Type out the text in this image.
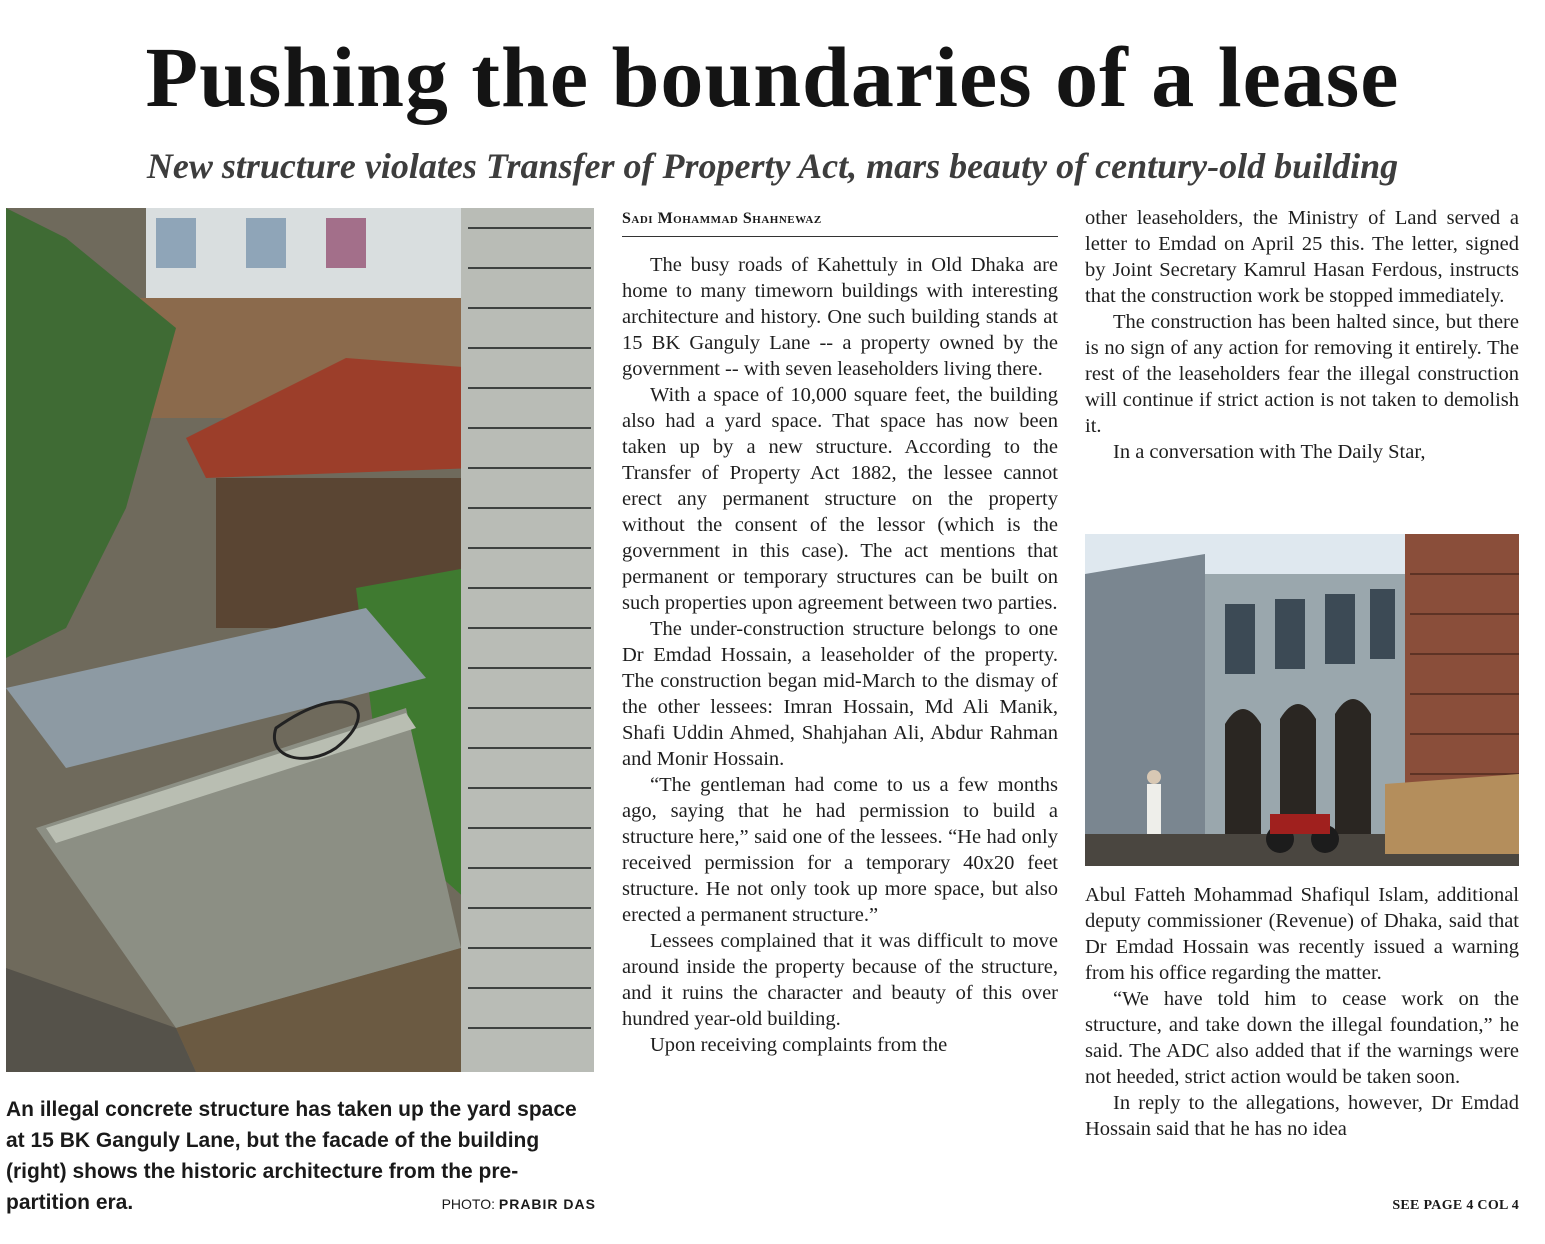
Pushing the boundaries of a lease
New structure violates Transfer of Property Act, mars beauty of century-old building
An illegal concrete structure has taken up the yard space at 15 BK Ganguly Lane, but the facade of the building (right) shows the historic architecture from the pre-partition era.	PHOTO: PRABIR DAS
Sadi Mohammad Shahnewaz

The busy roads of Kahettuly in Old Dhaka are home to many timeworn buildings with interesting architecture and history. One such building stands at 15 BK Ganguly Lane -- a property owned by the government -- with seven leaseholders living there.

With a space of 10,000 square feet, the building also had a yard space. That space has now been taken up by a new structure. According to the Transfer of Property Act 1882, the lessee cannot erect any permanent structure on the property without the consent of the lessor (which is the government in this case). The act mentions that permanent or temporary structures can be built on such properties upon agreement between two parties.

The under-construction structure belongs to one Dr Emdad Hossain, a leaseholder of the property. The construction began mid-March to the dismay of the other lessees: Imran Hossain, Md Ali Manik, Shafi Uddin Ahmed, Shahjahan Ali, Abdur Rahman and Monir Hossain.

“The gentleman had come to us a few months ago, saying that he had permission to build a structure here,” said one of the lessees. “He had only received permission for a temporary 40x20 feet structure. He not only took up more space, but also erected a permanent structure.”

Lessees complained that it was difficult to move around inside the property because of the structure, and it ruins the character and beauty of this over hundred year-old building.

Upon receiving complaints from the

other leaseholders, the Ministry of Land served a letter to Emdad on April 25 this. The letter, signed by Joint Secretary Kamrul Hasan Ferdous, instructs that the construction work be stopped immediately.

The construction has been halted since, but there is no sign of any action for removing it entirely. The rest of the leaseholders fear the illegal construction will continue if strict action is not taken to demolish it.

In a conversation with The Daily Star,

Abul Fatteh Mohammad Shafiqul Islam, additional deputy commissioner (Revenue) of Dhaka, said that Dr Emdad Hossain was recently issued a warning from his office regarding the matter.

“We have told him to cease work on the structure, and take down the illegal foundation,” he said. The ADC also added that if the warnings were not heeded, strict action would be taken soon.

In reply to the allegations, however, Dr Emdad Hossain said that he has no idea

SEE PAGE 4 COL 4
